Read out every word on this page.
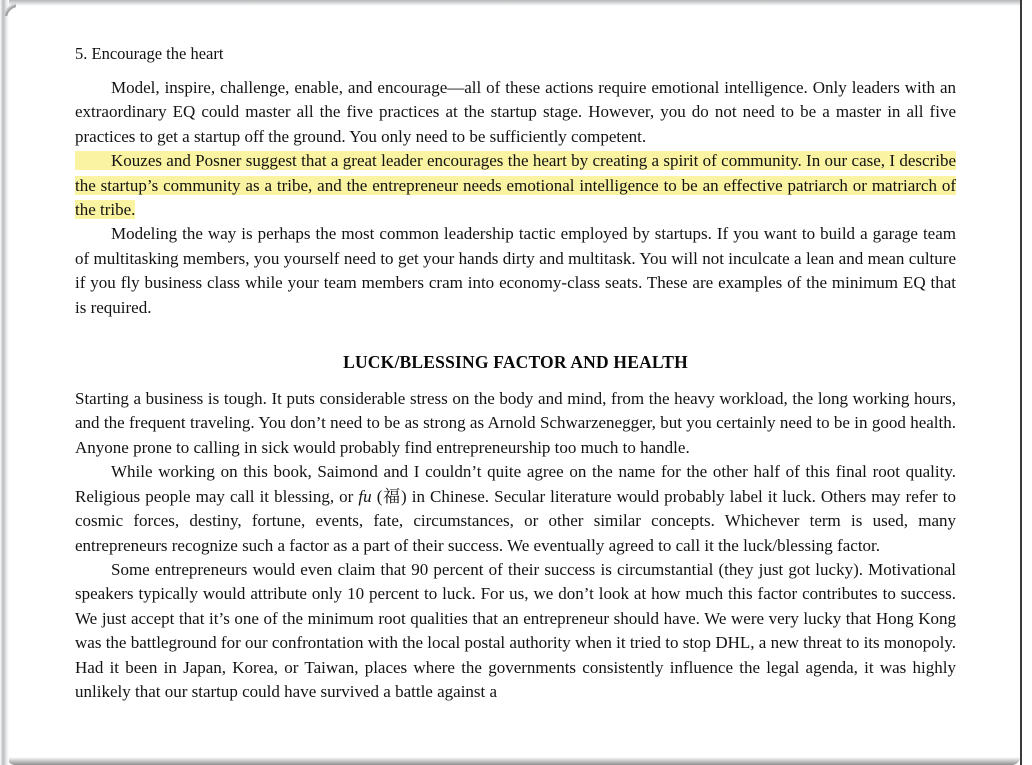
5. Encourage the heart

Model, inspire, challenge, enable, and encourage—all of these actions require emotional intelligence. Only leaders with an extraordinary EQ could master all the five practices at the startup stage. However, you do not need to be a master in all five practices to get a startup off the ground. You only need to be sufficiently competent.

Kouzes and Posner suggest that a great leader encourages the heart by creating a spirit of community. In our case, I describe the startup’s community as a tribe, and the entrepreneur needs emotional intelligence to be an effective patriarch or matriarch of the tribe.

Modeling the way is perhaps the most common leadership tactic employed by startups. If you want to build a garage team of multitasking members, you yourself need to get your hands dirty and multitask. You will not inculcate a lean and mean culture if you fly business class while your team members cram into economy-class seats. These are examples of the minimum EQ that is required.

LUCK/BLESSING FACTOR AND HEALTH

Starting a business is tough. It puts considerable stress on the body and mind, from the heavy workload, the long working hours, and the frequent traveling. You don’t need to be as strong as Arnold Schwarzenegger, but you certainly need to be in good health. Anyone prone to calling in sick would probably find entrepreneurship too much to handle.

While working on this book, Saimond and I couldn’t quite agree on the name for the other half of this final root quality. Religious people may call it blessing, or fu (福) in Chinese. Secular literature would probably label it luck. Others may refer to cosmic forces, destiny, fortune, events, fate, circumstances, or other similar concepts. Whichever term is used, many entrepreneurs recognize such a factor as a part of their success. We eventually agreed to call it the luck/blessing factor.

Some entrepreneurs would even claim that 90 percent of their success is circumstantial (they just got lucky). Motivational speakers typically would attribute only 10 percent to luck. For us, we don’t look at how much this factor contributes to success. We just accept that it’s one of the minimum root qualities that an entrepreneur should have. We were very lucky that Hong Kong was the battleground for our confrontation with the local postal authority when it tried to stop DHL, a new threat to its monopoly. Had it been in Japan, Korea, or Taiwan, places where the governments consistently influence the legal agenda, it was highly unlikely that our startup could have survived a battle against a
